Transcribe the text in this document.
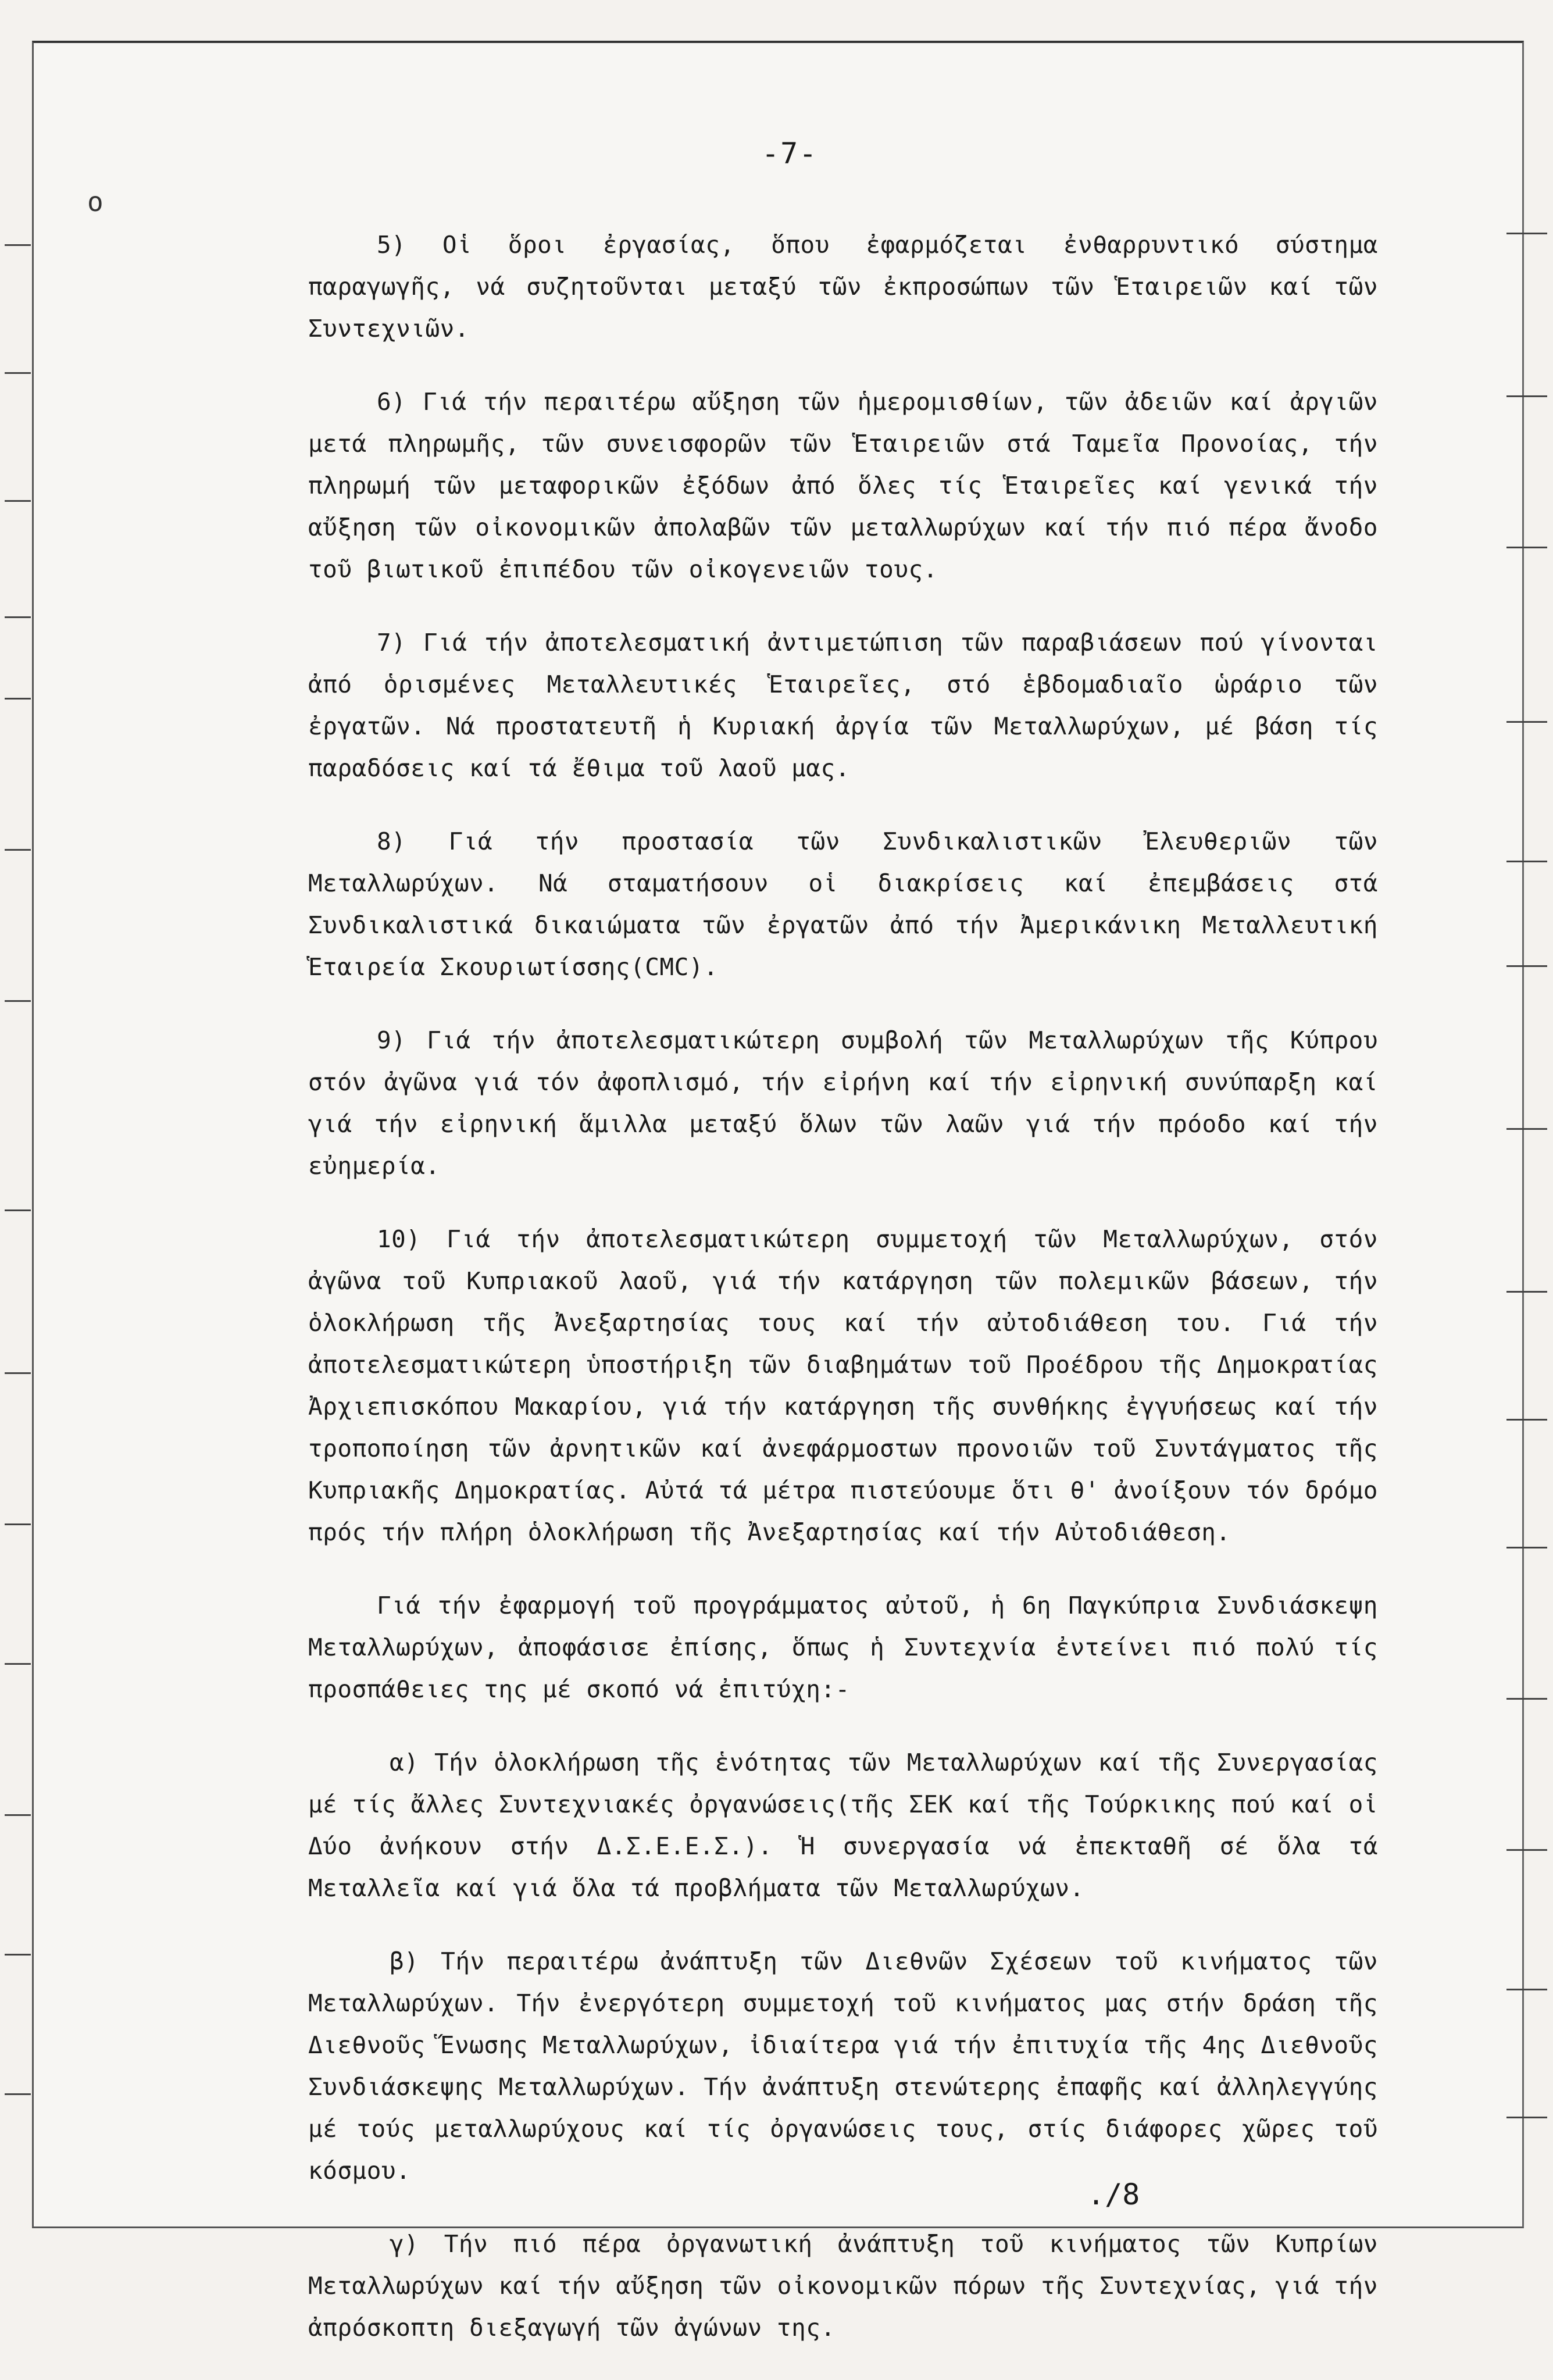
o
-7-

5) Οἱ ὅροι ἐργασίας, ὅπου ἐφαρμόζεται ἐνθαρρυντικό σύστημα παραγωγῆς, νά συζητοῦνται μεταξύ τῶν ἐκπροσώπων τῶν Ἑταιρειῶν καί τῶν Συντεχνιῶν.

6) Γιά τήν περαιτέρω αὔξηση τῶν ἡμερομισθίων, τῶν ἀδειῶν καί ἀργιῶν μετά πληρωμῆς, τῶν συνεισφορῶν τῶν Ἑταιρειῶν στά Ταμεῖα Προνοίας, τήν πληρωμή τῶν μεταφορικῶν ἐξόδων ἀπό ὅλες τίς Ἑταιρεῖες καί γενικά τήν αὔξηση τῶν οἰκονομικῶν ἀπολαβῶν τῶν μεταλλωρύχων καί τήν πιό πέρα ἄνοδο τοῦ βιωτικοῦ ἐπιπέδου τῶν οἰκογενειῶν τους.

7) Γιά τήν ἀποτελεσματική ἀντιμετώπιση τῶν παραβιάσεων πού γίνονται ἀπό ὁρισμένες Μεταλλευτικές Ἑταιρεῖες, στό ἑβδομαδιαῖο ὡράριο τῶν ἐργατῶν. Νά προστατευτῆ ἡ Κυριακή ἀργία τῶν Μεταλλωρύχων, μέ βάση τίς παραδόσεις καί τά ἔθιμα τοῦ λαοῦ μας.

8) Γιά τήν προστασία τῶν Συνδικαλιστικῶν Ἐλευθεριῶν τῶν Μεταλλωρύχων. Νά σταματήσουν οἱ διακρίσεις καί ἐπεμβάσεις στά Συνδικαλιστικά δικαιώματα τῶν ἐργατῶν ἀπό τήν Ἀμερικάνικη Μεταλλευτική Ἑταιρεία Σκουριωτίσσης(CMC).

9) Γιά τήν ἀποτελεσματικώτερη συμβολή τῶν Μεταλλωρύχων τῆς Κύπρου στόν ἀγῶνα γιά τόν ἀφοπλισμό, τήν εἰρήνη καί τήν εἰρηνική συνύπαρξη καί γιά τήν εἰρηνική ἅμιλλα μεταξύ ὅλων τῶν λαῶν γιά τήν πρόοδο καί τήν εὐημερία.

10) Γιά τήν ἀποτελεσματικώτερη συμμετοχή τῶν Μεταλλωρύχων, στόν ἀγῶνα τοῦ Κυπριακοῦ λαοῦ, γιά τήν κατάργηση τῶν πολεμικῶν βάσεων, τήν ὁλοκλήρωση τῆς Ἀνεξαρτησίας τους καί τήν αὐτοδιάθεση του. Γιά τήν ἀποτελεσματικώτερη ὑποστήριξη τῶν διαβημάτων τοῦ Προέδρου τῆς Δημοκρατίας Ἀρχιεπισκόπου Μακαρίου, γιά τήν κατάργηση τῆς συνθήκης ἐγγυήσεως καί τήν τροποποίηση τῶν ἀρνητικῶν καί ἀνεφάρμοστων προνοιῶν τοῦ Συντάγματος τῆς Κυπριακῆς Δημοκρατίας. Αὐτά τά μέτρα πιστεύουμε ὅτι θ' ἀνοίξουν τόν δρόμο πρός τήν πλήρη ὁλοκλήρωση τῆς Ἀνεξαρτησίας καί τήν Αὐτοδιάθεση.

Γιά τήν ἐφαρμογή τοῦ προγράμματος αὐτοῦ, ἡ 6η Παγκύπρια Συνδιάσκεψη Μεταλλωρύχων, ἀποφάσισε ἐπίσης, ὅπως ἡ Συντεχνία ἐντείνει πιό πολύ τίς προσπάθειες της μέ σκοπό νά ἐπιτύχη:-

α) Τήν ὁλοκλήρωση τῆς ἑνότητας τῶν Μεταλλωρύχων καί τῆς Συνεργασίας μέ τίς ἄλλες Συντεχνιακές ὀργανώσεις(τῆς ΣΕΚ καί τῆς Τούρκικης πού καί οἱ Δύο ἀνήκουν στήν Δ.Σ.Ε.Ε.Σ.). Ἡ συνεργασία νά ἐπεκταθῆ σέ ὅλα τά Μεταλλεῖα καί γιά ὅλα τά προβλήματα τῶν Μεταλλωρύχων.

β) Τήν περαιτέρω ἀνάπτυξη τῶν Διεθνῶν Σχέσεων τοῦ κινήματος τῶν Μεταλλωρύχων. Τήν ἐνεργότερη συμμετοχή τοῦ κινήματος μας στήν δράση τῆς Διεθνοῦς Ἕνωσης Μεταλλωρύχων, ἰδιαίτερα γιά τήν ἐπιτυχία τῆς 4ης Διεθνοῦς Συνδιάσκεψης Μεταλλωρύχων. Τήν ἀνάπτυξη στενώτερης ἐπαφῆς καί ἀλληλεγγύης μέ τούς μεταλλωρύχους καί τίς ὀργανώσεις τους, στίς διάφορες χῶρες τοῦ κόσμου.

γ) Τήν πιό πέρα ὀργανωτική ἀνάπτυξη τοῦ κινήματος τῶν Κυπρίων Μεταλλωρύχων καί τήν αὔξηση τῶν οἰκονομικῶν πόρων τῆς Συντεχνίας, γιά τήν ἀπρόσκοπτη διεξαγωγή τῶν ἀγώνων της.

./8
